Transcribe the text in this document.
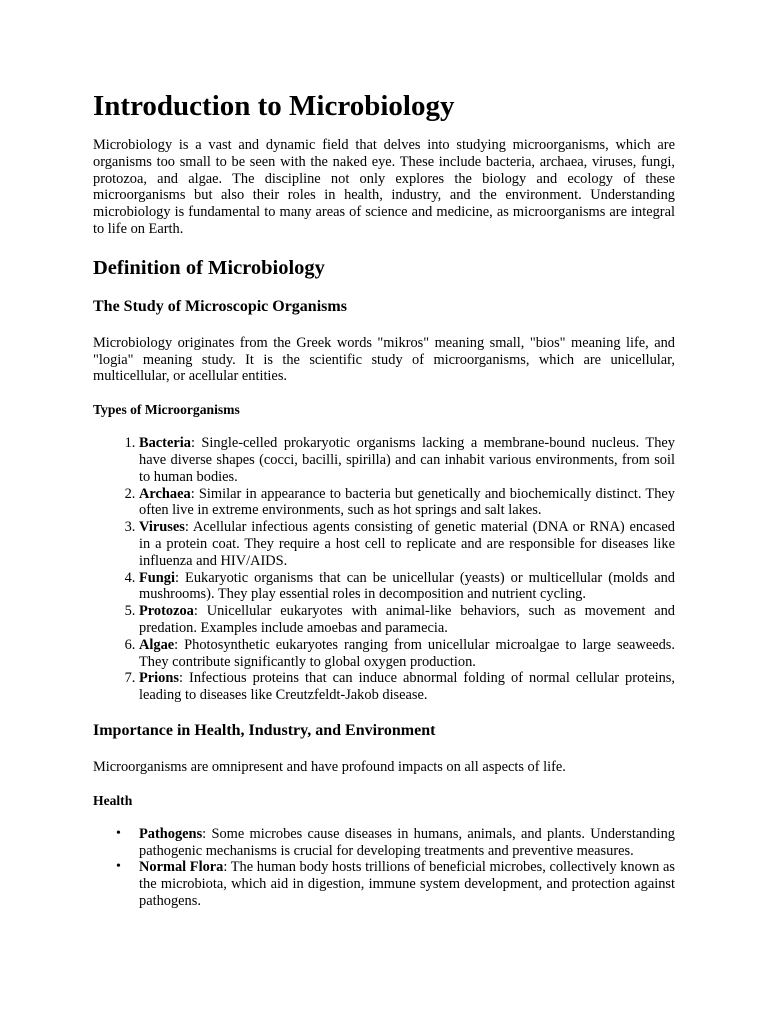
Introduction to Microbiology

Microbiology is a vast and dynamic field that delves into studying microorganisms, which are organisms too small to be seen with the naked eye. These include bacteria, archaea, viruses, fungi, protozoa, and algae. The discipline not only explores the biology and ecology of these microorganisms but also their roles in health, industry, and the environment. Understanding microbiology is fundamental to many areas of science and medicine, as microorganisms are integral to life on Earth.

Definition of Microbiology
The Study of Microscopic Organisms

Microbiology originates from the Greek words "mikros" meaning small, "bios" meaning life, and "logia" meaning study. It is the scientific study of microorganisms, which are unicellular, multicellular, or acellular entities.

Types of Microorganisms
1. Bacteria: Single-celled prokaryotic organisms lacking a membrane-bound nucleus. They have diverse shapes (cocci, bacilli, spirilla) and can inhabit various environments, from soil to human bodies.
2. Archaea: Similar in appearance to bacteria but genetically and biochemically distinct. They often live in extreme environments, such as hot springs and salt lakes.
3. Viruses: Acellular infectious agents consisting of genetic material (DNA or RNA) encased in a protein coat. They require a host cell to replicate and are responsible for diseases like influenza and HIV/AIDS.
4. Fungi: Eukaryotic organisms that can be unicellular (yeasts) or multicellular (molds and mushrooms). They play essential roles in decomposition and nutrient cycling.
5. Protozoa: Unicellular eukaryotes with animal-like behaviors, such as movement and predation. Examples include amoebas and paramecia.
6. Algae: Photosynthetic eukaryotes ranging from unicellular microalgae to large seaweeds. They contribute significantly to global oxygen production.
7. Prions: Infectious proteins that can induce abnormal folding of normal cellular proteins, leading to diseases like Creutzfeldt-Jakob disease.
Importance in Health, Industry, and Environment

Microorganisms are omnipresent and have profound impacts on all aspects of life.

Health
• Pathogens: Some microbes cause diseases in humans, animals, and plants. Understanding pathogenic mechanisms is crucial for developing treatments and preventive measures.
• Normal Flora: The human body hosts trillions of beneficial microbes, collectively known as the microbiota, which aid in digestion, immune system development, and protection against pathogens.
